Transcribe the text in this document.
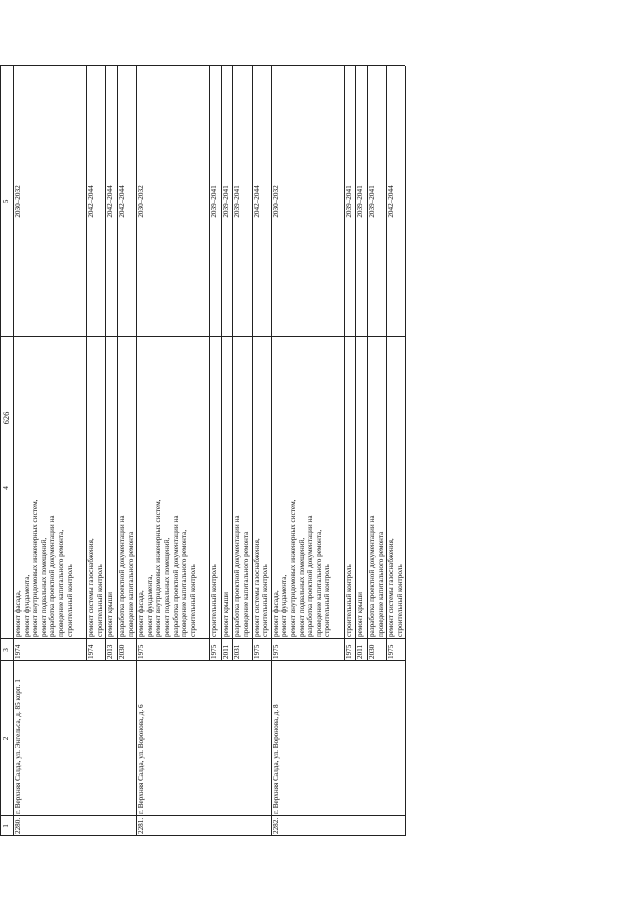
626
1
2
3
4
5
2280.
г. Верхняя Салда, ул. Энгельса, д. 85 корп. 1
1974
ремонт фасада, ремонт фундамента, ремонт внутридомовых инженерных систем, ремонт подвальных помещений, разработка проектной документации на проведение капитального ремонта, строительный контроль
2030–2032
1974
ремонт системы газоснабжения, строительный контроль
2042–2044
2013
ремонт крыши
2042–2044
2030
разработка проектной документации на проведение капитального ремонта
2042–2044
2281.
г. Верхняя Салда, ул. Воронова, д. 6
1975
ремонт фасада, ремонт фундамента, ремонт внутридомовых инженерных систем, ремонт подвальных помещений, разработка проектной документации на проведение капитального ремонта, строительный контроль
2030–2032
1975
строительный контроль
2039–2041
2011
ремонт крыши
2039–2041
2031
разработка проектной документации на проведение капитального ремонта
2039–2041
1975
ремонт системы газоснабжения, строительный контроль
2042–2044
2282.
г. Верхняя Салда, ул. Воронова, д. 8
1975
ремонт фасада, ремонт фундамента, ремонт внутридомовых инженерных систем, ремонт подвальных помещений, разработка проектной документации на проведение капитального ремонта, строительный контроль
2030–2032
1975
строительный контроль
2039–2041
2011
ремонт крыши
2039–2041
2030
разработка проектной документации на проведение капитального ремонта
2039–2041
1975
ремонт системы газоснабжения, строительный контроль
2042–2044
